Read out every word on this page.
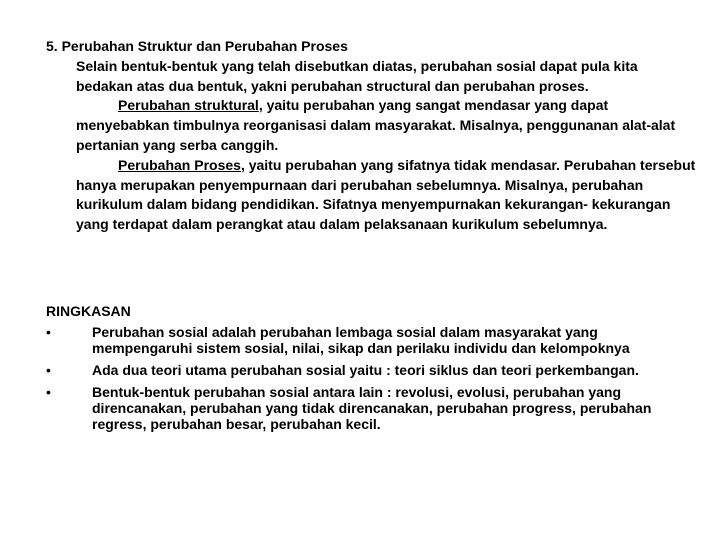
5. Perubahan Struktur dan Perubahan Proses
Selain bentuk-bentuk yang telah disebutkan diatas, perubahan sosial dapat pula kita bedakan atas dua bentuk, yakni perubahan structural dan perubahan proses.
Perubahan struktural, yaitu perubahan yang sangat mendasar yang dapat menyebabkan timbulnya reorganisasi dalam masyarakat. Misalnya, penggunanan alat-alat pertanian yang serba canggih.
Perubahan Proses, yaitu perubahan yang sifatnya tidak mendasar. Perubahan tersebut hanya merupakan penyempurnaan dari perubahan sebelumnya. Misalnya, perubahan kurikulum dalam bidang pendidikan. Sifatnya menyempurnakan kekurangan- kekurangan yang terdapat dalam perangkat atau dalam pelaksanaan kurikulum sebelumnya.
RINGKASAN
•	Perubahan sosial adalah perubahan lembaga sosial dalam masyarakat yang mempengaruhi sistem sosial, nilai, sikap dan perilaku individu dan kelompoknya
•	Ada dua teori utama perubahan sosial yaitu : teori siklus dan teori perkembangan.
•	Bentuk-bentuk perubahan sosial antara lain : revolusi, evolusi, perubahan yang direncanakan, perubahan yang tidak direncanakan, perubahan progress, perubahan regress, perubahan besar, perubahan kecil.
